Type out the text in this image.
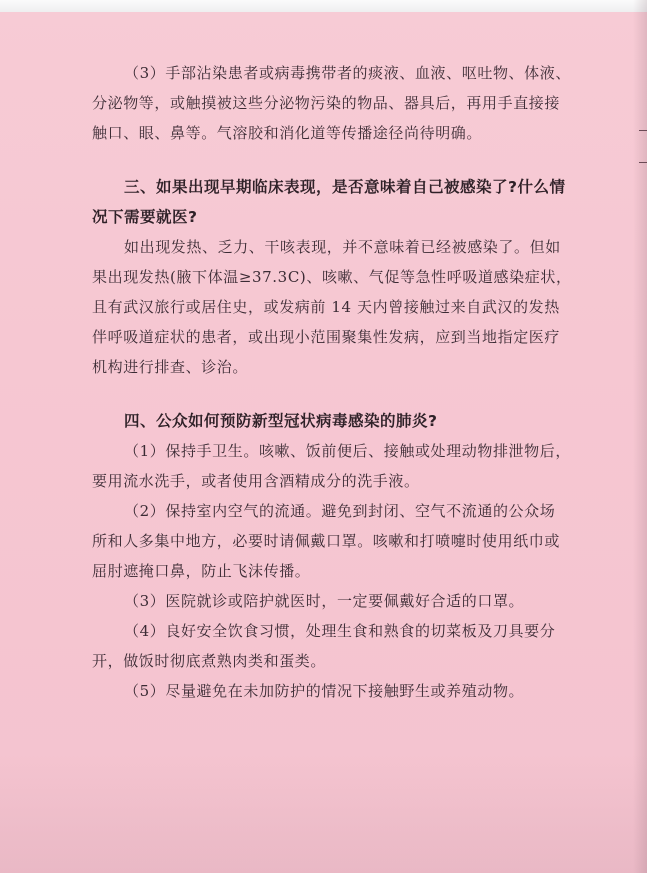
（3）手部沾染患者或病毒携带者的痰液、血液、呕吐物、体液、
分泌物等，或触摸被这些分泌物污染的物品、器具后，再用手直接接
触口、眼、鼻等。气溶胶和消化道等传播途径尚待明确。
三、如果出现早期临床表现，是否意味着自己被感染了?什么情
况下需要就医?
如出现发热、乏力、干咳表现，并不意味着已经被感染了。但如
果出现发热(腋下体温≥37.3C)、咳嗽、气促等急性呼吸道感染症状，
且有武汉旅行或居住史，或发病前 14 天内曾接触过来自武汉的发热
伴呼吸道症状的患者，或出现小范围聚集性发病，应到当地指定医疗
机构进行排查、诊治。
四、公众如何预防新型冠状病毒感染的肺炎?
（1）保持手卫生。咳嗽、饭前便后、接触或处理动物排泄物后，
要用流水洗手，或者使用含酒精成分的洗手液。
（2）保持室内空气的流通。避免到封闭、空气不流通的公众场
所和人多集中地方，必要时请佩戴口罩。咳嗽和打喷嚏时使用纸巾或
屈肘遮掩口鼻，防止飞沫传播。
（3）医院就诊或陪护就医时，一定要佩戴好合适的口罩。
（4）良好安全饮食习惯，处理生食和熟食的切菜板及刀具要分
开，做饭时彻底煮熟肉类和蛋类。
（5）尽量避免在未加防护的情况下接触野生或养殖动物。
